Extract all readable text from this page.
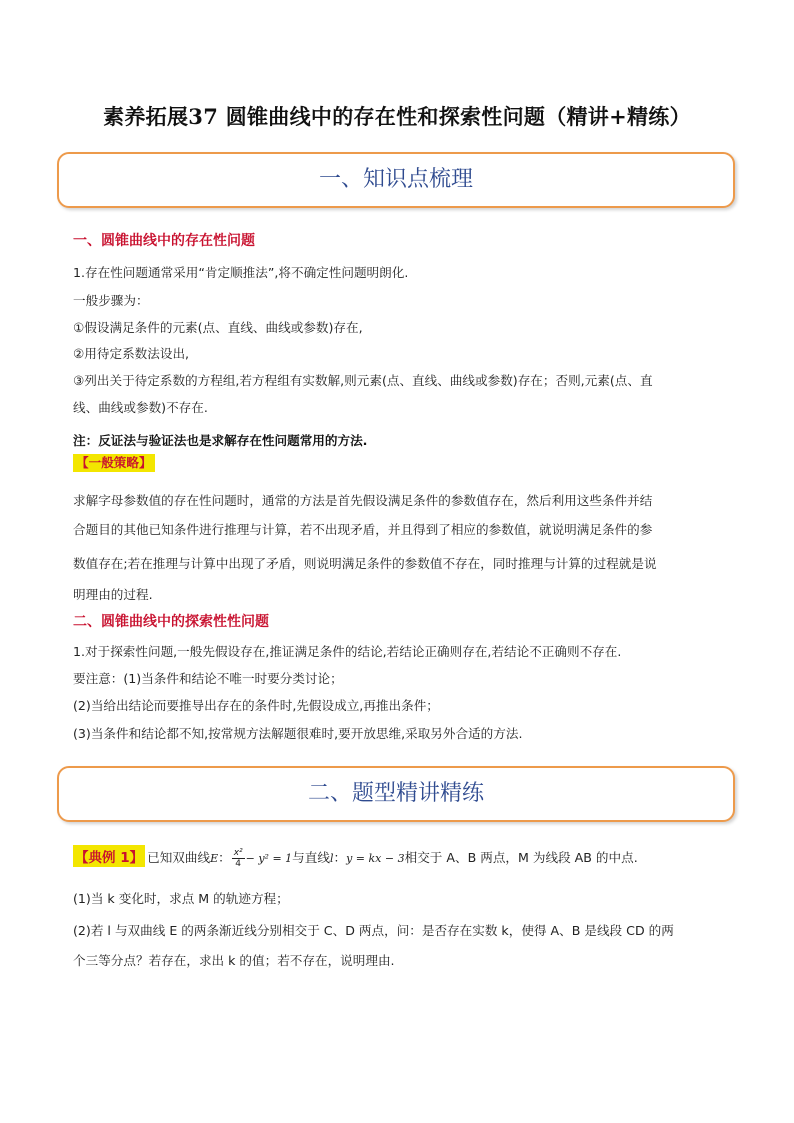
素养拓展37 圆锥曲线中的存在性和探索性问题（精讲+精练）
一、知识点梳理
一、圆锥曲线中的存在性问题
1.存在性问题通常采用“肯定顺推法”,将不确定性问题明朗化.
一般步骤为：
①假设满足条件的元素(点、直线、曲线或参数)存在,
②用待定系数法设出,
③列出关于待定系数的方程组,若方程组有实数解,则元素(点、直线、曲线或参数)存在；否则,元素(点、直
线、曲线或参数)不存在.
注：反证法与验证法也是求解存在性问题常用的方法.
【一般策略】
求解字母参数值的存在性问题时，通常的方法是首先假设满足条件的参数值存在，然后利用这些条件并结
合题目的其他已知条件进行推理与计算，若不出现矛盾，并且得到了相应的参数值，就说明满足条件的参
数值存在;若在推理与计算中出现了矛盾，则说明满足条件的参数值不存在，同时推理与计算的过程就是说
明理由的过程.
二、圆锥曲线中的探索性性问题
1.对于探索性问题,一般先假设存在,推证满足条件的结论,若结论正确则存在,若结论不正确则不存在.
要注意：(1)当条件和结论不唯一时要分类讨论；
(2)当给出结论而要推导出存在的条件时,先假设成立,再推出条件；
(3)当条件和结论都不知,按常规方法解题很难时,要开放思维,采取另外合适的方法.
二、题型精讲精练
【典例 1】 已知双曲线E： $\frac{\text{x²}}{4} - y^2 = 1$与直线l：y = kx − 3相交于 A、B 两点，M 为线段 AB 的中点.
(1)当 k 变化时，求点 M 的轨迹方程；
(2)若 l 与双曲线 E 的两条渐近线分别相交于 C、D 两点，问：是否存在实数 k，使得 A、B 是线段 CD 的两
个三等分点？若存在，求出 k 的值；若不存在，说明理由.
